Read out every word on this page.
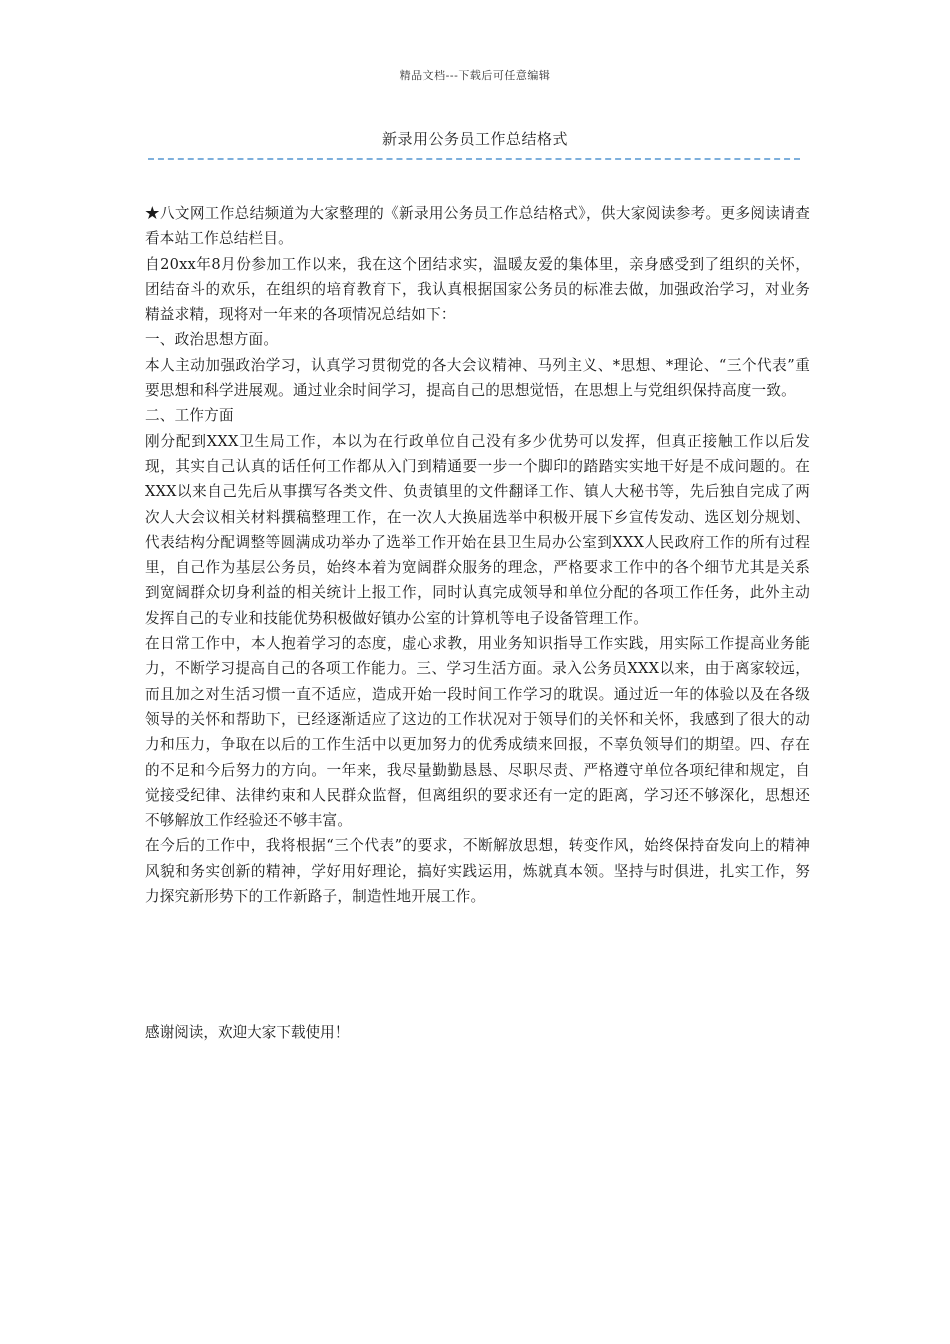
精品文档---下载后可任意编辑
新录用公务员工作总结格式

★八文网工作总结频道为大家整理的《新录用公务员工作总结格式》，供大家阅读参考。更多阅读请查看本站工作总结栏目。

自20xx年8月份参加工作以来，我在这个团结求实，温暖友爱的集体里，亲身感受到了组织的关怀，团结奋斗的欢乐，在组织的培育教育下，我认真根据国家公务员的标准去做，加强政治学习，对业务精益求精，现将对一年来的各项情况总结如下：

一、政治思想方面。

本人主动加强政治学习，认真学习贯彻党的各大会议精神、马列主义、*思想、*理论、“三个代表”重要思想和科学进展观。通过业余时间学习，提高自己的思想觉悟，在思想上与党组织保持高度一致。

二、工作方面

刚分配到XXX卫生局工作，本以为在行政单位自己没有多少优势可以发挥，但真正接触工作以后发现，其实自己认真的话任何工作都从入门到精通要一步一个脚印的踏踏实实地干好是不成问题的。在XXX以来自己先后从事撰写各类文件、负责镇里的文件翻译工作、镇人大秘书等，先后独自完成了两次人大会议相关材料撰稿整理工作，在一次人大换届选举中积极开展下乡宣传发动、选区划分规划、代表结构分配调整等圆满成功举办了选举工作开始在县卫生局办公室到XXX人民政府工作的所有过程里，自己作为基层公务员，始终本着为宽阔群众服务的理念，严格要求工作中的各个细节尤其是关系到宽阔群众切身利益的相关统计上报工作，同时认真完成领导和单位分配的各项工作任务，此外主动发挥自己的专业和技能优势积极做好镇办公室的计算机等电子设备管理工作。

在日常工作中，本人抱着学习的态度，虚心求教，用业务知识指导工作实践，用实际工作提高业务能力，不断学习提高自己的各项工作能力。三、学习生活方面。录入公务员XXX以来，由于离家较远，而且加之对生活习惯一直不适应，造成开始一段时间工作学习的耽误。通过近一年的体验以及在各级领导的关怀和帮助下，已经逐渐适应了这边的工作状况对于领导们的关怀和关怀，我感到了很大的动力和压力，争取在以后的工作生活中以更加努力的优秀成绩来回报，不辜负领导们的期望。四、存在的不足和今后努力的方向。一年来，我尽量勤勤恳恳、尽职尽责、严格遵守单位各项纪律和规定，自觉接受纪律、法律约束和人民群众监督，但离组织的要求还有一定的距离，学习还不够深化，思想还不够解放工作经验还不够丰富。

在今后的工作中，我将根据“三个代表”的要求，不断解放思想，转变作风，始终保持奋发向上的精神风貌和务实创新的精神，学好用好理论，搞好实践运用，炼就真本领。坚持与时俱进，扎实工作，努力探究新形势下的工作新路子，制造性地开展工作。

感谢阅读，欢迎大家下载使用！
